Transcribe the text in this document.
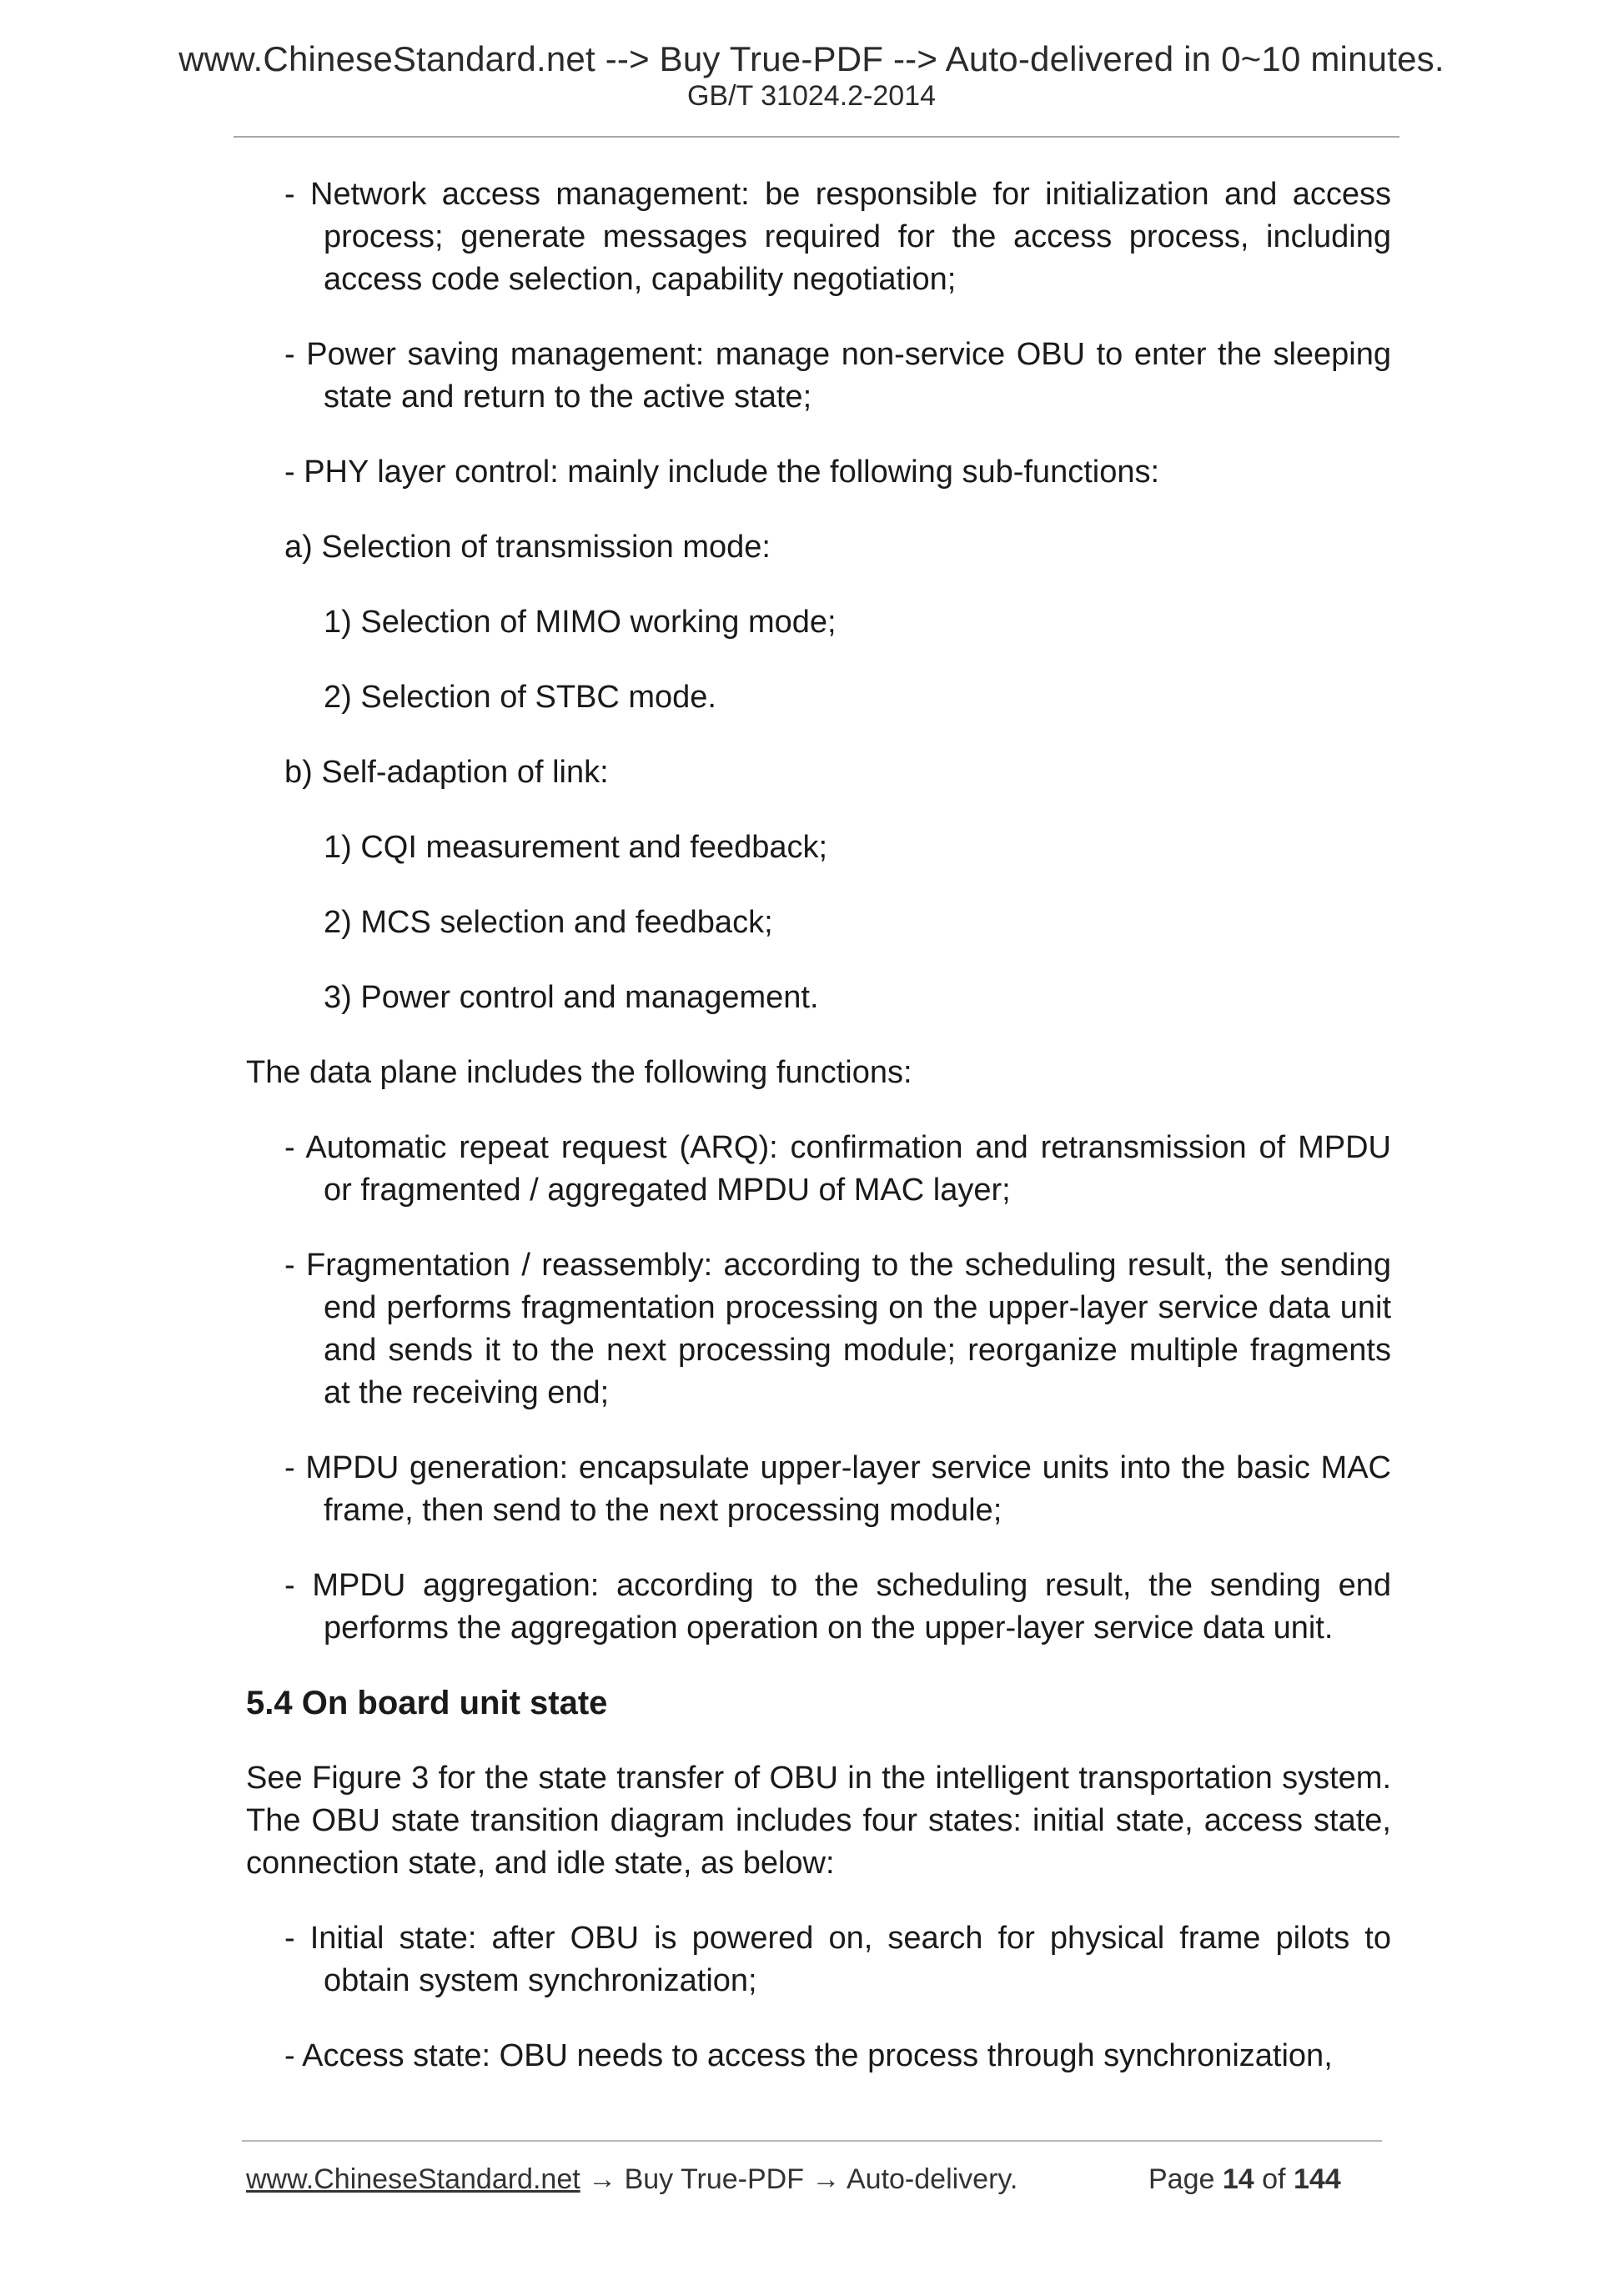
www.ChineseStandard.net --> Buy True-PDF --> Auto-delivered in 0~10 minutes.
GB/T 31024.2-2014

- Network access management: be responsible for initialization and access process; generate messages required for the access process, including access code selection, capability negotiation;

- Power saving management: manage non-service OBU to enter the sleeping state and return to the active state;

- PHY layer control: mainly include the following sub-functions:

a) Selection of transmission mode:

1) Selection of MIMO working mode;

2) Selection of STBC mode.

b) Self-adaption of link:

1) CQI measurement and feedback;

2) MCS selection and feedback;

3) Power control and management.

The data plane includes the following functions:

- Automatic repeat request (ARQ): confirmation and retransmission of MPDU or fragmented / aggregated MPDU of MAC layer;

- Fragmentation / reassembly: according to the scheduling result, the sending end performs fragmentation processing on the upper-layer service data unit and sends it to the next processing module; reorganize multiple fragments at the receiving end;

- MPDU generation: encapsulate upper-layer service units into the basic MAC frame, then send to the next processing module;

- MPDU aggregation: according to the scheduling result, the sending end performs the aggregation operation on the upper-layer service data unit.

5.4 On board unit state

See Figure 3 for the state transfer of OBU in the intelligent transportation system. The OBU state transition diagram includes four states: initial state, access state, connection state, and idle state, as below:

- Initial state: after OBU is powered on, search for physical frame pilots to obtain system synchronization;

- Access state: OBU needs to access the process through synchronization,

www.ChineseStandard.net → Buy True-PDF → Auto-delivery.	Page 14 of 144
